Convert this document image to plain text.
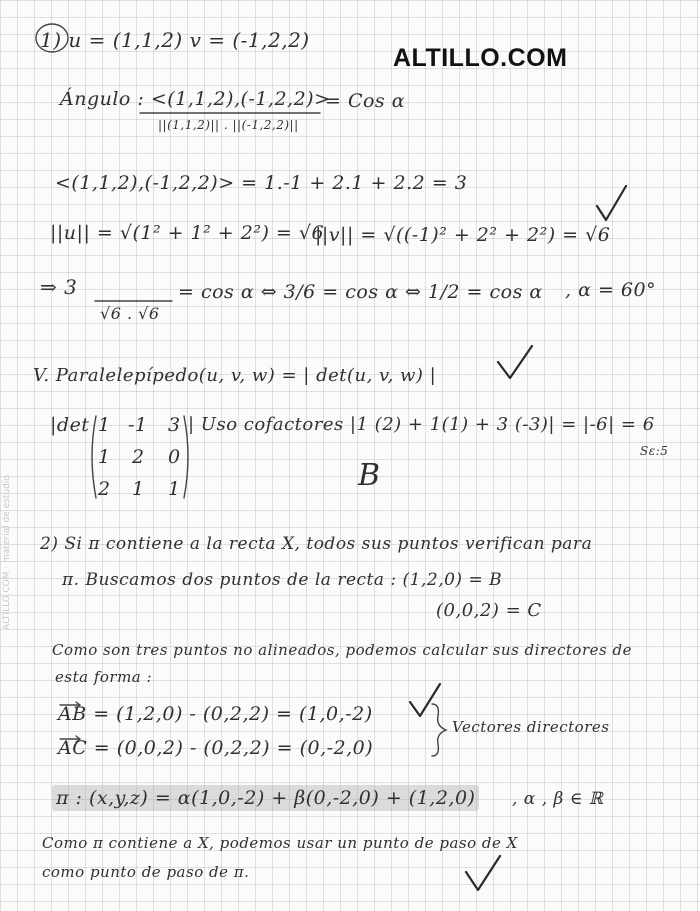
ALTILLO.COM
1) u = (1,1,2) v = (-1,2,2)
Ángulo : <(1,1,2),(-1,2,2)>
= Cos α
||(1,1,2)|| . ||(-1,2,2)||
<(1,1,2),(-1,2,2)> = 1.-1 + 2.1 + 2.2 = 3
||u|| = √(1² + 1² + 2²) = √6
||v|| = √((-1)² + 2² + 2²) = √6
⇒ 3
√6 . √6
= cos α ⇔ 3/6 = cos α ⇔ 1/2 = cos α , α = 60°
V. Paralelepípedo(u, v, w) = | det(u, v, w) |
|det 1 -1 3
1 2 0
2 1 1
| Uso cofactores |1 (2) + 1(1) + 3 (-3)| = |-6| = 6
Sε:5
B
2) Si π contiene a la recta X, todos sus puntos verifican para
π. Buscamos dos puntos de la recta : (1,2,0) = B
(0,0,2) = C
Como son tres puntos no alineados, podemos calcular sus directores de
esta forma :
AB = (1,2,0) - (0,2,2) = (1,0,-2)
AC = (0,0,2) - (0,2,2) = (0,-2,0)
Vectores directores
π : (x,y,z) = α(1,0,-2) + β(0,-2,0) + (1,2,0) , α , β ∈ ℝ
Como π contiene a X, podemos usar un punto de paso de X
como punto de paso de π.
ALTILLO.COM · material de estudio
